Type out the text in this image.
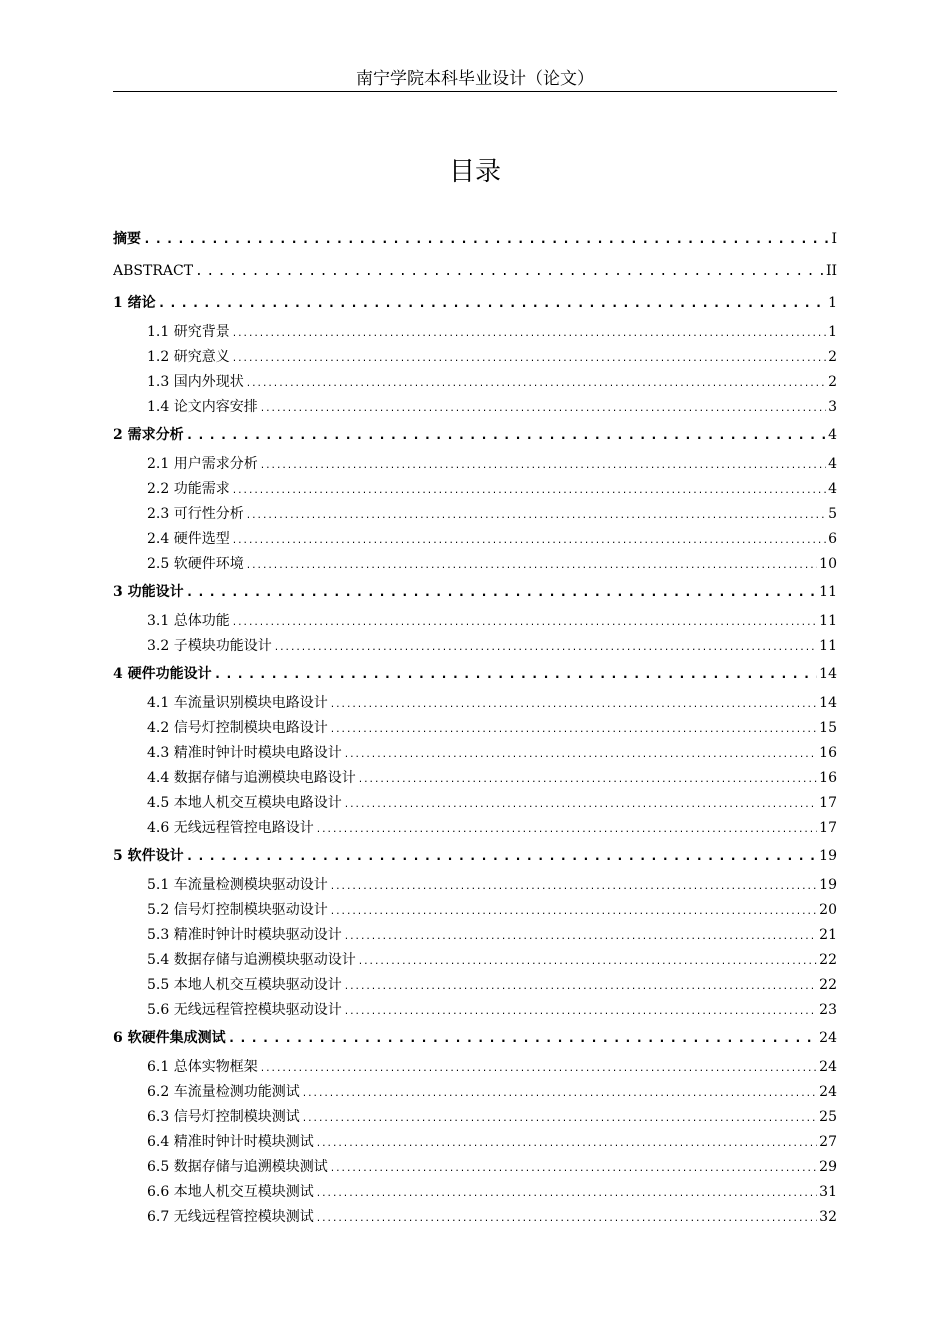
南宁学院本科毕业设计（论文）
目录
摘要 .....	I
ABSTRACT .....	II
1 绪论 .....	1
1.1 研究背景 .....	1
1.2 研究意义 .....	2
1.3 国内外现状 .....	2
1.4 论文内容安排 .....	3
2 需求分析 .....	4
2.1 用户需求分析 .....	4
2.2 功能需求 .....	4
2.3 可行性分析 .....	5
2.4 硬件选型 .....	6
2.5 软硬件环境 .....	10
3 功能设计 .....	11
3.1 总体功能 .....	11
3.2 子模块功能设计 .....	11
4 硬件功能设计 .....	14
4.1 车流量识别模块电路设计 .....	14
4.2 信号灯控制模块电路设计 .....	15
4.3 精准时钟计时模块电路设计 .....	16
4.4 数据存储与追溯模块电路设计 .....	16
4.5 本地人机交互模块电路设计 .....	17
4.6 无线远程管控电路设计 .....	17
5 软件设计 .....	19
5.1 车流量检测模块驱动设计 .....	19
5.2 信号灯控制模块驱动设计 .....	20
5.3 精准时钟计时模块驱动设计 .....	21
5.4 数据存储与追溯模块驱动设计 .....	22
5.5 本地人机交互模块驱动设计 .....	22
5.6 无线远程管控模块驱动设计 .....	23
6 软硬件集成测试 .....	24
6.1 总体实物框架 .....	24
6.2 车流量检测功能测试 .....	24
6.3 信号灯控制模块测试 .....	25
6.4 精准时钟计时模块测试 .....	27
6.5 数据存储与追溯模块测试 .....	29
6.6 本地人机交互模块测试 .....	31
6.7 无线远程管控模块测试 .....	32
